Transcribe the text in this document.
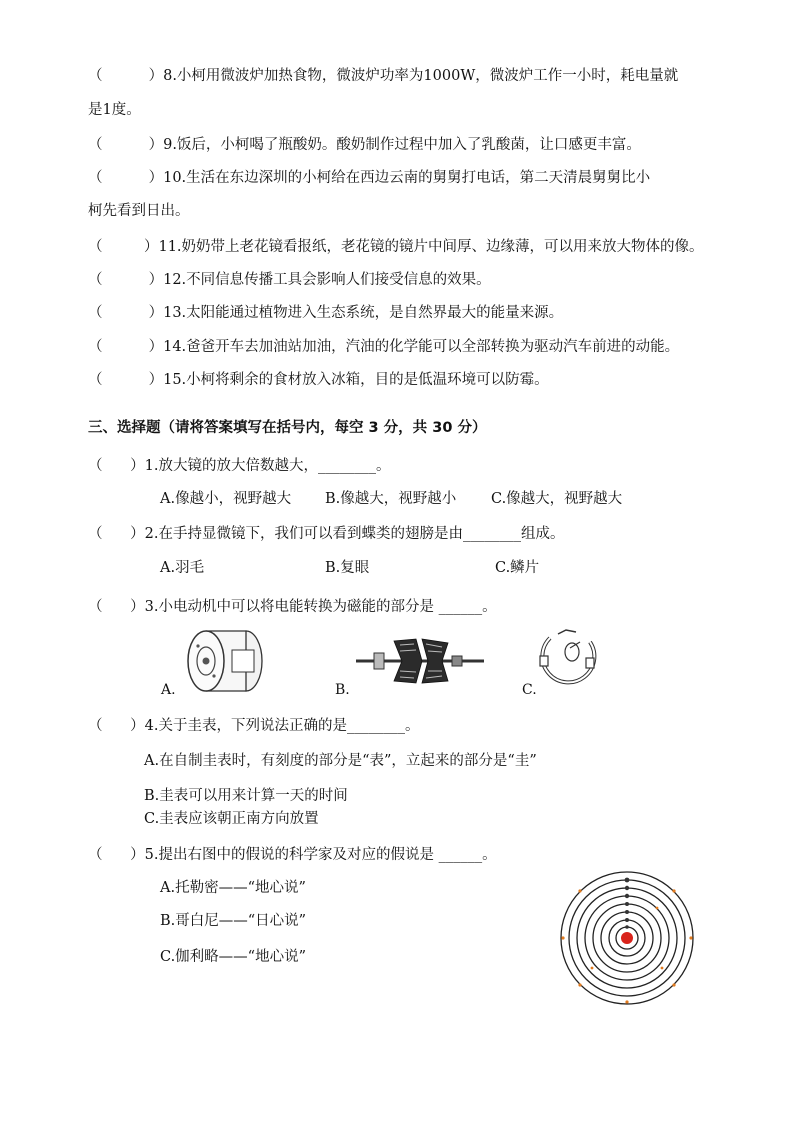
（	）8.小柯用微波炉加热食物，微波炉功率为1000W，微波炉工作一小时，耗电量就
是1度。
（	）9.饭后，小柯喝了瓶酸奶。酸奶制作过程中加入了乳酸菌，让口感更丰富。
（	）10.生活在东边深圳的小柯给在西边云南的舅舅打电话，第二天清晨舅舅比小
柯先看到日出。
（	）11.奶奶带上老花镜看报纸，老花镜的镜片中间厚、边缘薄，可以用来放大物体的像。
（	）12.不同信息传播工具会影响人们接受信息的效果。
（	）13.太阳能通过植物进入生态系统，是自然界最大的能量来源。
（	）14.爸爸开车去加油站加油，汽油的化学能可以全部转换为驱动汽车前进的动能。
（	）15.小柯将剩余的食材放入冰箱，目的是低温环境可以防霉。
三、选择题（请将答案填写在括号内，每空 3 分，共 30 分）
（ ）1.放大镜的放大倍数越大，________。
A.像越小，视野越大 B.像越大，视野越小 C.像越大，视野越大
（ ）2.在手持显微镜下，我们可以看到蝶类的翅膀是由________组成。
A.羽毛	B.复眼	C.鳞片
（ ）3.小电动机中可以将电能转换为磁能的部分是 ______。
A.	B.	C.
（ ）4.关于圭表，下列说法正确的是________。
A.在自制圭表时，有刻度的部分是“表”，立起来的部分是“圭”
B.圭表可以用来计算一天的时间
C.圭表应该朝正南方向放置
（ ）5.提出右图中的假说的科学家及对应的假说是 ______。
A.托勒密——“地心说”
B.哥白尼——“日心说”
C.伽利略——“地心说”
